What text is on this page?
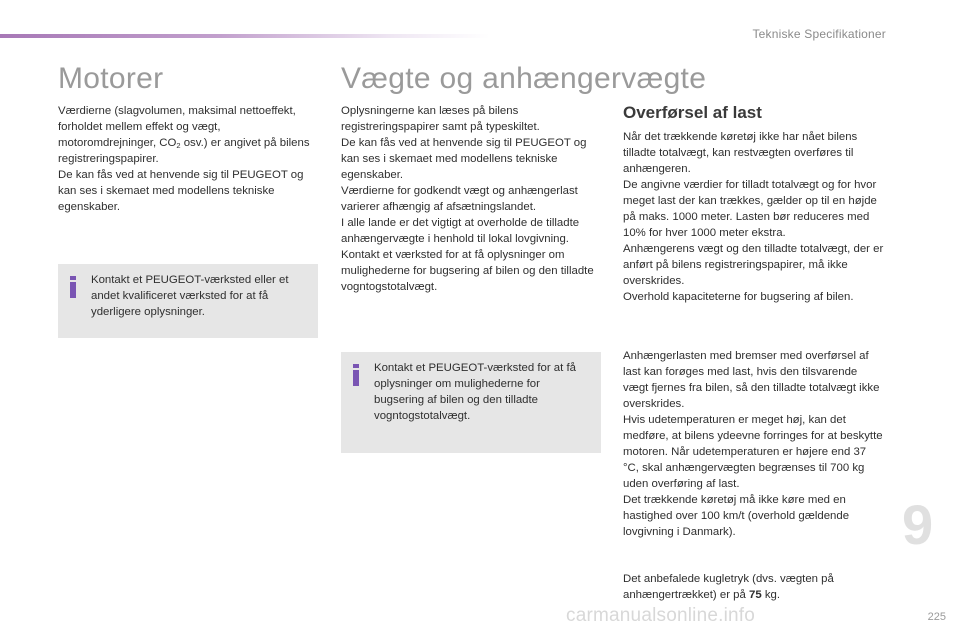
Tekniske Specifikationer
Motorer

Værdierne (slagvolumen, maksimal nettoeffekt, forholdet mellem effekt og vægt, motoromdrejninger, $CO_2$ osv.) er angivet på bilens registreringspapirer.

De kan fås ved at henvende sig til PEUGEOT og kan ses i skemaet med modellens tekniske egenskaber.

Kontakt et PEUGEOT-værksted eller et andet kvalificeret værksted for at få yderligere oplysninger.
Vægte og anhængervægte

Oplysningerne kan læses på bilens registreringspapirer samt på typeskiltet.

De kan fås ved at henvende sig til PEUGEOT og kan ses i skemaet med modellens tekniske egenskaber.

Værdierne for godkendt vægt og anhængerlast varierer afhængig af afsætningslandet.

I alle lande er det vigtigt at overholde de tilladte anhængervægte i henhold til lokal lovgivning.

Kontakt et værksted for at få oplysninger om mulighederne for bugsering af bilen og den tilladte vogntogstotalvægt.

Kontakt et PEUGEOT-værksted for at få oplysninger om mulighederne for bugsering af bilen og den tilladte vogntogstotalvægt.
Overførsel af last

Når det trækkende køretøj ikke har nået bilens tilladte totalvægt, kan restvægten overføres til anhængeren.

De angivne værdier for tilladt totalvægt og for hvor meget last der kan trækkes, gælder op til en højde på maks. 1000 meter. Lasten bør reduceres med 10% for hver 1000 meter ekstra.

Anhængerens vægt og den tilladte totalvægt, der er anført på bilens registreringspapirer, må ikke overskrides.

Overhold kapaciteterne for bugsering af bilen.

Anhængerlasten med bremser med overførsel af last kan forøges med last, hvis den tilsvarende vægt fjernes fra bilen, så den tilladte totalvægt ikke overskrides.

Hvis udetemperaturen er meget høj, kan det medføre, at bilens ydeevne forringes for at beskytte motoren. Når udetemperaturen er højere end 37 °C, skal anhængervægten begrænses til 700 kg uden overføring af last.

Det trækkende køretøj må ikke køre med en hastighed over 100 km/t (overhold gældende lovgivning i Danmark).

Det anbefalede kugletryk (dvs. vægten på anhængertrækket) er på 75 kg.

9
carmanualsonline.info	225
